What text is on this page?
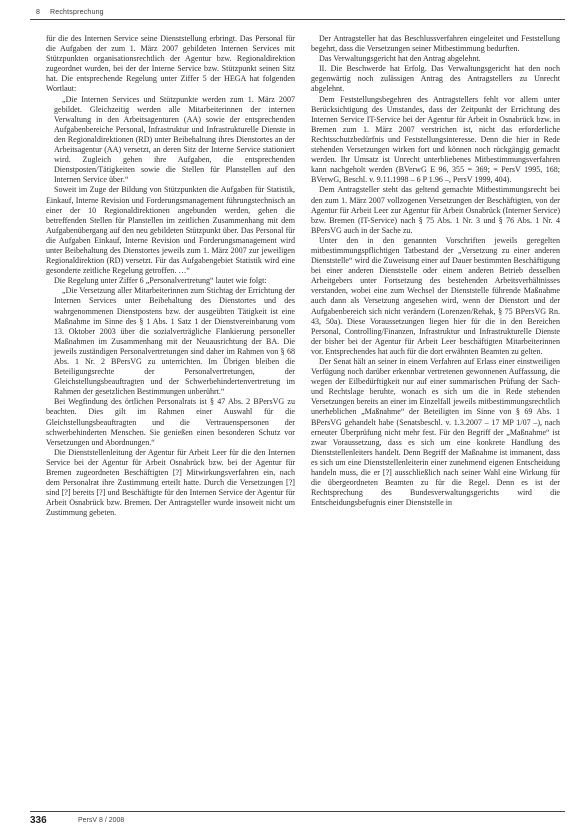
8 Rechtsprechung

für die des Internen Service seine Dienststellung erbringt. Das Personal für die Aufgaben der zum 1. März 2007 gebildeten Internen Services mit Stützpunkten organisationsrechtlich der Agentur bzw. Regionaldirektion zugeordnet wurden, bei der der Interne Service bzw. Stützpunkt seinen Sitz hat. Die entsprechende Regelung unter Ziffer 5 der HEGA hat folgenden Wortlaut:

„Die Internen Services und Stützpunkte werden zum 1. März 2007 gebildet. Gleichzeitig werden alle Mitarbeiterinnen der internen Verwaltung in den Arbeitsagenturen (AA) sowie der entsprechenden Aufgabenbereiche Personal, Infrastruktur und Infrastrukturelle Dienste in den Regionaldirektionen (RD) unter Beibehaltung ihres Dienstortes an der Arbeitsagentur (AA) versetzt, an deren Sitz der Interne Service stationiert wird. Zugleich gehen ihre Aufgaben, die entsprechenden Dienstposten/Tätigkeiten sowie die Stellen für Planstellen auf den Internen Service über.“

Soweit im Zuge der Bildung von Stützpunkten die Aufgaben für Statistik, Einkauf, Interne Revision und Forderungsmanagement führungstechnisch an einer der 10 Regionaldirektionen angebunden werden, gehen die betreffenden Stellen für Planstellen im zeitlichen Zusammenhang mit dem Aufgabenübergang auf den neu gebildeten Stützpunkt über. Das Personal für die Aufgaben Einkauf, Interne Revision und Forderungsmanagement wird unter Beibehaltung des Dienstortes jeweils zum 1. März 2007 zur jeweiligen Regionaldirektion (RD) versetzt. Für das Aufgabengebiet Statistik wird eine gesonderte zeitliche Regelung getroffen. …“

Die Regelung unter Ziffer 6 „Personalvertretung“ lautet wie folgt:

„Die Versetzung aller Mitarbeiterinnen zum Stichtag der Errichtung der Internen Services unter Beibehaltung des Dienstortes und des wahrgenommenen Dienstpostens bzw. der ausgeübten Tätigkeit ist eine Maßnahme im Sinne des § 1 Abs. 1 Satz 1 der Dienstvereinbarung vom 13. Oktober 2003 über die sozialverträgliche Flankierung personeller Maßnahmen im Zusammenhang mit der Neuausrichtung der BA. Die jeweils zuständigen Personalvertretungen sind daher im Rahmen von § 68 Abs. 1 Nr. 2 BPersVG zu unterrichten. Im Übrigen bleiben die Beteiligungsrechte der Personalvertretungen, der Gleichstellungsbeauftragten und der Schwerbehindertenvertretung im Rahmen der gesetzlichen Bestimmungen unberührt.“

Bei Wegfindung des örtlichen Personalrats ist § 47 Abs. 2 BPersVG zu beachten. Dies gilt im Rahmen einer Auswahl für die Gleichstellungsbeauftragten und die Vertrauenspersonen der schwerbehinderten Menschen. Sie genießen einen besonderen Schutz vor Versetzungen und Abordnungen.“

Die Dienststellenleitung der Agentur für Arbeit Leer für die den Internen Service bei der Agentur für Arbeit Osnabrück bzw. bei der Agentur für Bremen zugeordneten Beschäftigten [?] Mitwirkungsverfahren ein, nach dem Personalrat ihre Zustimmung erteilt hatte. Durch die Versetzungen [?] sind [?] bereits [?] und Beschäftigte für den Internen Service der Agentur für Arbeit Osnabrück bzw. Bremen. Der Antragsteller wurde insoweit nicht um Zustimmung gebeten.

Der Antragsteller hat das Beschlussverfahren eingeleitet und Feststellung begehrt, dass die Versetzungen seiner Mitbestimmung bedurften.

Das Verwaltungsgericht hat den Antrag abgelehnt.

II. Die Beschwerde hat Erfolg. Das Verwaltungsgericht hat den noch gegenwärtig noch zulässigen Antrag des Antragstellers zu Unrecht abgelehnt.

Dem Feststellungsbegehren des Antragstellers fehlt vor allem unter Berücksichtigung des Umstandes, dass der Zeitpunkt der Errichtung des Internen Service IT-Service bei der Agentur für Arbeit in Osnabrück bzw. in Bremen zum 1. März 2007 verstrichen ist, nicht das erforderliche Rechtsschutzbedürfnis und Feststellungsinteresse. Denn die hier in Rede stehenden Versetzungen wirken fort und können noch rückgängig gemacht werden. Ihr Umsatz ist Unrecht unterbliebenes Mitbestimmungsverfahren kann nachgeholt werden (BVerwG E 96, 355 = 369; = PersV 1995, 168; BVerwG, Beschl. v. 9.11.1998 – 6 P 1.96 –, PersV 1999, 404).

Dem Antragsteller steht das geltend gemachte Mitbestimmungsrecht bei den zum 1. März 2007 vollzogenen Versetzungen der Beschäftigten, von der Agentur für Arbeit Leer zur Agentur für Arbeit Osnabrück (Interner Service) bzw. Bremen (IT-Service) nach § 75 Abs. 1 Nr. 3 und § 76 Abs. 1 Nr. 4 BPersVG auch in der Sache zu.

Unter den in den genannten Vorschriften jeweils geregelten mitbestimmungspflichtigen Tatbestand der „Versetzung zu einer anderen Dienststelle“ wird die Zuweisung einer auf Dauer bestimmten Beschäftigung bei einer anderen Dienststelle oder einem anderen Betrieb desselben Arbeitgebers unter Fortsetzung des bestehenden Arbeitsverhältnisses verstanden, wobei eine zum Wechsel der Dienststelle führende Maßnahme auch dann als Versetzung angesehen wird, wenn der Dienstort und der Aufgabenbereich sich nicht verändern (Lorenzen/Rehak, § 75 BPersVG Rn. 43, 50a). Diese Voraussetzungen liegen hier für die in den Bereichen Personal, Controlling/Finanzen, Infrastruktur und Infrastrukturelle Dienste der bisher bei der Agentur für Arbeit Leer beschäftigten Mitarbeiterinnen vor. Entsprechendes hat auch für die dort erwähnten Beamten zu gelten.

Der Senat hält an seiner in einem Verfahren auf Erlass einer einstweiligen Verfügung noch darüber erkennbar vertretenen gewonnenen Auffassung, die wegen der Eilbedürftigkeit nur auf einer summarischen Prüfung der Sach- und Rechtslage beruhte, wonach es sich um die in Rede stehenden Versetzungen bereits an einer im Einzelfall jeweils mitbestimmungsrechtlich unerheblichen „Maßnahme“ der Beteiligten im Sinne von § 69 Abs. 1 BPersVG gehandelt habe (Senatsbeschl. v. 1.3.2007 – 17 MP 1/07 –), nach erneuter Überprüfung nicht mehr fest. Für den Begriff der „Maßnahme“ ist zwar Voraussetzung, dass es sich um eine konkrete Handlung des Dienststellenleiters handelt. Denn Begriff der Maßnahme ist immanent, dass es sich um eine Dienststellenleiterin einer zunehmend eigenen Entscheidung handeln muss, die er [?] ausschließlich nach seiner Wahl eine Wirkung für die übergeordneten Beamten zu für die Regel. Denn es ist der Rechtsprechung des Bundesverwaltungsgerichts wird die Entscheidungsbefugnis einer Dienststelle in

336	PersV 8 / 2008
